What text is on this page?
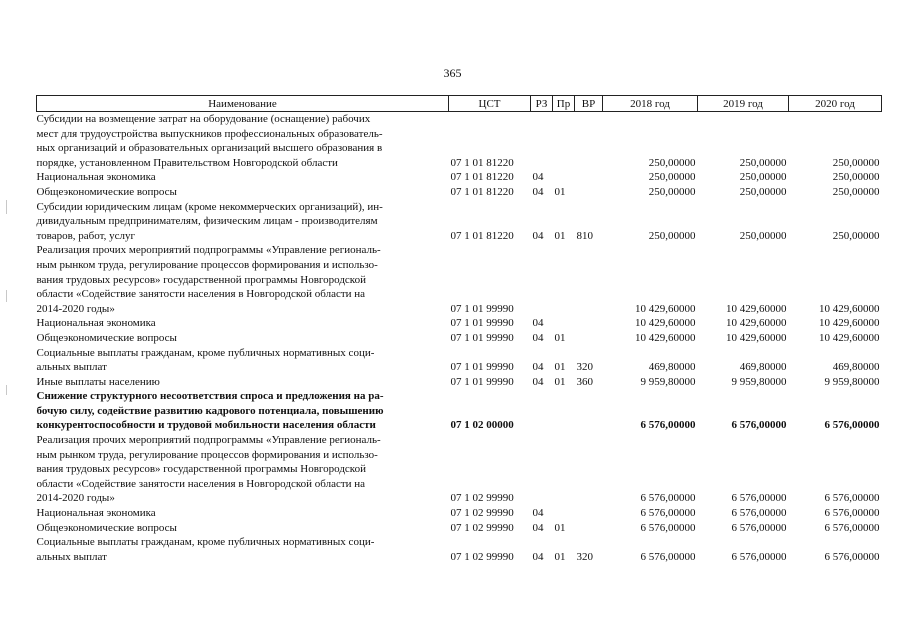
365
Наименование	ЦСТ	РЗ	Пр	ВР	2018 год	2019 год	2020 год

Субсидии на возмещение затрат на оборудование (оснащение) рабочих
мест для трудоустройства выпускников профессиональных образователь-
ных организаций и образовательных организаций высшего образования в
порядке, установленном Правительством Новгородской области	07 1 01 81220				250,00000	250,00000	250,00000

Национальная экономика	07 1 01 81220	04			250,00000	250,00000	250,00000

Общеэкономические вопросы	07 1 01 81220	04	01		250,00000	250,00000	250,00000

Субсидии юридическим лицам (кроме некоммерческих организаций), ин-
дивидуальным предпринимателям, физическим лицам - производителям
товаров, работ, услуг	07 1 01 81220	04	01	810	250,00000	250,00000	250,00000

Реализация прочих мероприятий подпрограммы «Управление региональ-
ным рынком труда, регулирование процессов формирования и использо-
вания трудовых ресурсов» государственной программы Новгородской
области «Содействие занятости населения в Новгородской области на
2014-2020 годы»	07 1 01 99990				10 429,60000	10 429,60000	10 429,60000

Национальная экономика	07 1 01 99990	04			10 429,60000	10 429,60000	10 429,60000

Общеэкономические вопросы	07 1 01 99990	04	01		10 429,60000	10 429,60000	10 429,60000

Социальные выплаты гражданам, кроме публичных нормативных соци-
альных выплат	07 1 01 99990	04	01	320	469,80000	469,80000	469,80000

Иные выплаты населению	07 1 01 99990	04	01	360	9 959,80000	9 959,80000	9 959,80000

Снижение структурного несоответствия спроса и предложения на ра-
бочую силу, содействие развитию кадрового потенциала, повышению
конкурентоспособности и трудовой мобильности населения области	07 1 02 00000				6 576,00000	6 576,00000	6 576,00000

Реализация прочих мероприятий подпрограммы «Управление региональ-
ным рынком труда, регулирование процессов формирования и использо-
вания трудовых ресурсов» государственной программы Новгородской
области «Содействие занятости населения в Новгородской области на
2014-2020 годы»	07 1 02 99990				6 576,00000	6 576,00000	6 576,00000

Национальная экономика	07 1 02 99990	04			6 576,00000	6 576,00000	6 576,00000

Общеэкономические вопросы	07 1 02 99990	04	01		6 576,00000	6 576,00000	6 576,00000

Социальные выплаты гражданам, кроме публичных нормативных соци-
альных выплат	07 1 02 99990	04	01	320	6 576,00000	6 576,00000	6 576,00000
